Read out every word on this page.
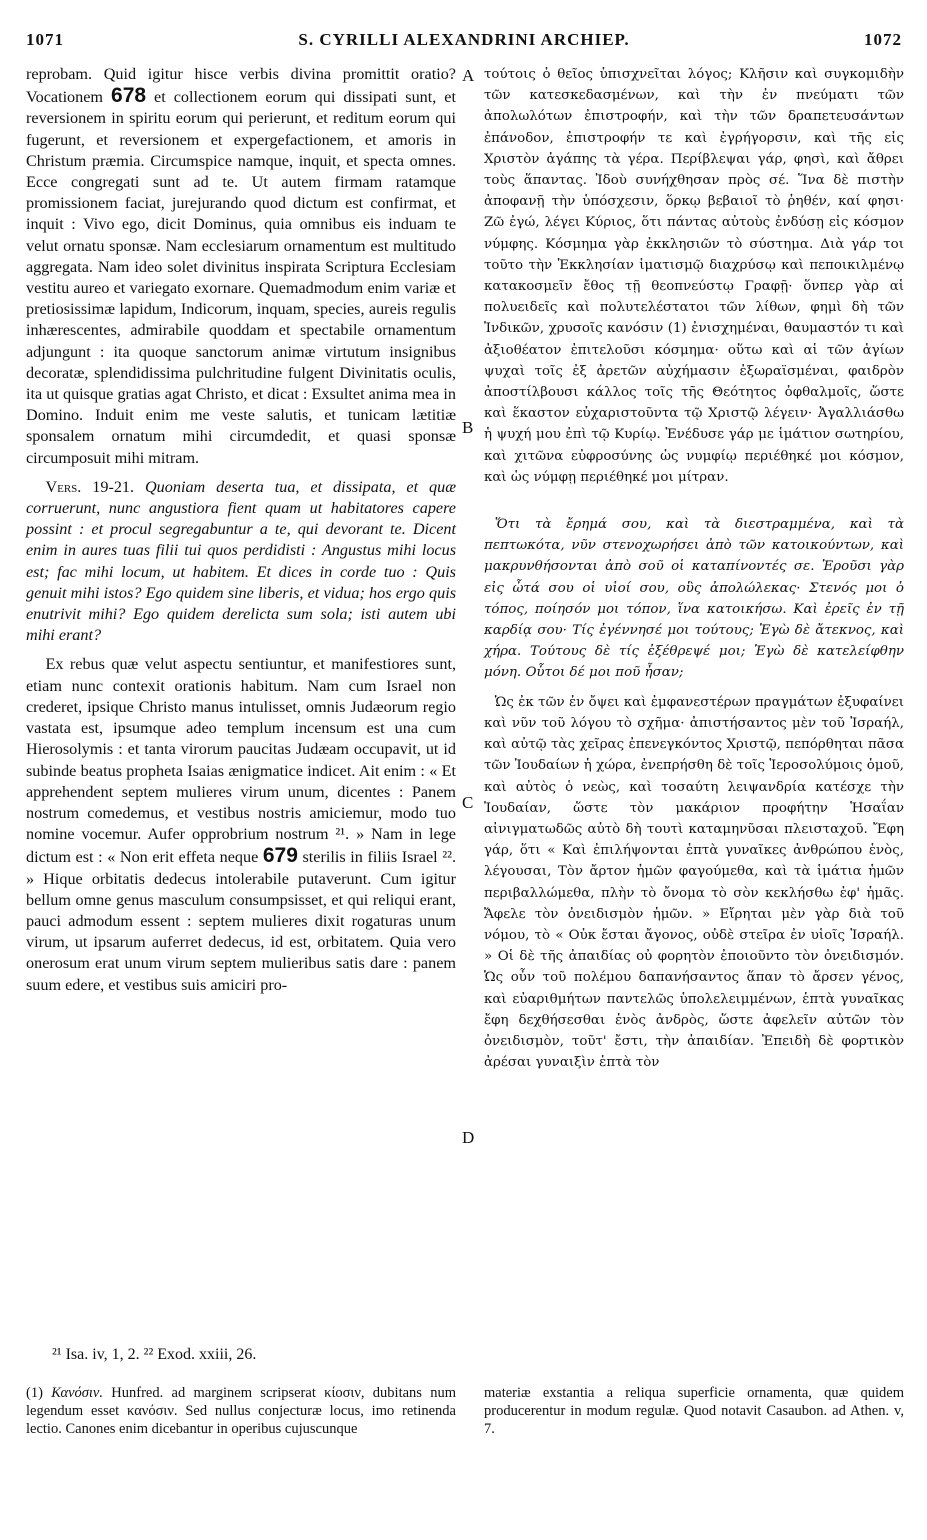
1071	S. CYRILLI ALEXANDRINI ARCHIEP.	1072

reprobam. Quid igitur hisce verbis divina promittit oratio? Vocationem 678 et collectionem eorum qui dissipati sunt, et reversionem in spiritu eorum qui perierunt, et reditum eorum qui fugerunt, et reversionem et expergefactionem, et amoris in Christum præmia. Circumspice namque, inquit, et specta omnes. Ecce congregati sunt ad te. Ut autem firmam ratamque promissionem faciat, jurejurando quod dictum est confirmat, et inquit : Vivo ego, dicit Dominus, quia omnibus eis induam te velut ornatu sponsæ. Nam ecclesiarum ornamentum est multitudo aggregata. Nam ideo solet divinitus inspirata Scriptura Ecclesiam vestitu aureo et variegato exornare. Quemadmodum enim variæ et pretiosissimæ lapidum, Indicorum, inquam, species, aureis regulis inhærescentes, admirabile quoddam et spectabile ornamentum adjungunt : ita quoque sanctorum animæ virtutum insignibus decoratæ, splendidissima pulchritudine fulgent Divinitatis oculis, ita ut quisque gratias agat Christo, et dicat : Exsultet anima mea in Domino. Induit enim me veste salutis, et tunicam lætitiæ sponsalem ornatum mihi circumdedit, et quasi sponsæ circumposuit mihi mitram.

Vers. 19-21. Quoniam deserta tua, et dissipata, et quæ corruerunt, nunc angustiora fient quam ut habitatores capere possint : et procul segregabuntur a te, qui devorant te. Dicent enim in aures tuas filii tui quos perdidisti : Angustus mihi locus est; fac mihi locum, ut habitem. Et dices in corde tuo : Quis genuit mihi istos? Ego quidem sine liberis, et vidua; hos ergo quis enutrivit mihi? Ego quidem derelicta sum sola; isti autem ubi mihi erant?

Ex rebus quæ velut aspectu sentiuntur, et manifestiores sunt, etiam nunc contexit orationis habitum. Nam cum Israel non crederet, ipsique Christo manus intulisset, omnis Judæorum regio vastata est, ipsumque adeo templum incensum est una cum Hierosolymis : et tanta virorum paucitas Judæam occupavit, ut id subinde beatus propheta Isaias ænigmatice indicet. Ait enim : « Et apprehendent septem mulieres virum unum, dicentes : Panem nostrum comedemus, et vestibus nostris amiciemur, modo tuo nomine vocemur. Aufer opprobrium nostrum ²¹. » Nam in lege dictum est : « Non erit effeta neque 679 sterilis in filiis Israel ²². » Hique orbitatis dedecus intolerabile putaverunt. Cum igitur bellum omne genus masculum consumpsisset, et qui reliqui erant, pauci admodum essent : septem mulieres dixit rogaturas unum virum, ut ipsarum auferret dedecus, id est, orbitatem. Quia vero onerosum erat unum virum septem mulieribus satis dare : panem suum edere, et vestibus suis amiciri pro-

A
B
C
D

τούτοις ὁ θεῖος ὑπισχνεῖται λόγος; Κλῆσιν καὶ συγκομιδὴν τῶν κατεσκεδασμένων, καὶ τὴν ἐν πνεύματι τῶν ἀπολωλότων ἐπιστροφήν, καὶ τὴν τῶν δραπετευσάντων ἐπάνοδον, ἐπιστροφήν τε καὶ ἐγρήγορσιν, καὶ τῆς εἰς Χριστὸν ἀγάπης τὰ γέρα. Περίβλεψαι γάρ, φησὶ, καὶ ἄθρει τοὺς ἅπαντας. Ἰδοὺ συνήχθησαν πρὸς σέ. Ἵνα δὲ πιστὴν ἀποφανῇ τὴν ὑπόσχεσιν, ὅρκῳ βεβαιοῖ τὸ ῥηθέν, καί φησι· Ζῶ ἐγώ, λέγει Κύριος, ὅτι πάντας αὐτοὺς ἐνδύσῃ εἰς κόσμον νύμφης. Κόσμημα γὰρ ἐκκλησιῶν τὸ σύστημα. Διὰ γάρ τοι τοῦτο τὴν Ἐκκλησίαν ἱματισμῷ διαχρύσῳ καὶ πεποικιλμένῳ κατακοσμεῖν ἔθος τῇ θεοπνεύστῳ Γραφῇ· ὅνπερ γὰρ αἱ πολυειδεῖς καὶ πολυτελέστατοι τῶν λίθων, φημὶ δὴ τῶν Ἰνδικῶν, χρυσοῖς κανόσιν (1) ἐνισχημέναι, θαυμαστόν τι καὶ ἀξιοθέατον ἐπιτελοῦσι κόσμημα· οὕτω καὶ αἱ τῶν ἁγίων ψυχαὶ τοῖς ἐξ ἀρετῶν αὐχήμασιν ἐξωραϊσμέναι, φαιδρὸν ἀποστίλβουσι κάλλος τοῖς τῆς Θεότητος ὀφθαλμοῖς, ὥστε καὶ ἕκαστον εὐχαριστοῦντα τῷ Χριστῷ λέγειν· Ἀγαλλιάσθω ἡ ψυχή μου ἐπὶ τῷ Κυρίῳ. Ἐνέδυσε γάρ με ἱμάτιον σωτηρίου, καὶ χιτῶνα εὐφροσύνης ὡς νυμφίῳ περιέθηκέ μοι κόσμον, καὶ ὡς νύμφῃ περιέθηκέ μοι μίτραν.

Ὅτι τὰ ἔρημά σου, καὶ τὰ διεστραμμένα, καὶ τὰ πεπτωκότα, νῦν στενοχωρήσει ἀπὸ τῶν κατοικούντων, καὶ μακρυνθήσονται ἀπὸ σοῦ οἱ καταπίνοντές σε. Ἐροῦσι γὰρ εἰς ὦτά σου οἱ υἱοί σου, οὓς ἀπολώλεκας· Στενός μοι ὁ τόπος, ποίησόν μοι τόπον, ἵνα κατοικήσω. Καὶ ἐρεῖς ἐν τῇ καρδίᾳ σου· Τίς ἐγέννησέ μοι τούτους; Ἐγὼ δὲ ἄτεκνος, καὶ χήρα. Τούτους δὲ τίς ἐξέθρεψέ μοι; Ἐγὼ δὲ κατελείφθην μόνη. Οὗτοι δέ μοι ποῦ ἦσαν;

Ὡς ἐκ τῶν ἐν ὄψει καὶ ἐμφανεστέρων πραγμάτων ἐξυφαίνει καὶ νῦν τοῦ λόγου τὸ σχῆμα· ἀπιστήσαντος μὲν τοῦ Ἰσραήλ, καὶ αὐτῷ τὰς χεῖρας ἐπενεγκόντος Χριστῷ, πεπόρθηται πᾶσα τῶν Ἰουδαίων ἡ χώρα, ἐνεπρήσθη δὲ τοῖς Ἱεροσολύμοις ὁμοῦ, καὶ αὐτὸς ὁ νεὼς, καὶ τοσαύτη λειψανδρία κατέσχε τὴν Ἰουδαίαν, ὥστε τὸν μακάριον προφήτην Ἡσαΐαν αἰνιγματωδῶς αὐτὸ δὴ τουτὶ καταμηνῦσαι πλεισταχοῦ. Ἔφη γάρ, ὅτι « Καὶ ἐπιλήψονται ἑπτὰ γυναῖκες ἀνθρώπου ἑνὸς, λέγουσαι, Τὸν ἄρτον ἡμῶν φαγούμεθα, καὶ τὰ ἱμάτια ἡμῶν περιβαλλώμεθα, πλὴν τὸ ὄνομα τὸ σὸν κεκλήσθω ἐφ' ἡμᾶς. Ἄφελε τὸν ὀνειδισμὸν ἡμῶν. » Εἴρηται μὲν γὰρ διὰ τοῦ νόμου, τὸ « Οὐκ ἔσται ἄγονος, οὐδὲ στεῖρα ἐν υἱοῖς Ἰσραήλ. » Οἱ δὲ τῆς ἀπαιδίας οὐ φορητὸν ἐποιοῦντο τὸν ὀνειδισμόν. Ὡς οὖν τοῦ πολέμου δαπανήσαντος ἅπαν τὸ ἄρσεν γένος, καὶ εὐαριθμήτων παντελῶς ὑπολελειμμένων, ἑπτὰ γυναῖκας ἔφη δεχθήσεσθαι ἑνὸς ἀνδρὸς, ὥστε ἀφελεῖν αὐτῶν τὸν ὀνειδισμὸν, τοῦτ' ἔστι, τὴν ἀπαιδίαν. Ἐπειδὴ δὲ φορτικὸν ἀρέσαι γυναιξὶν ἑπτὰ τὸν

²¹ Isa. iv, 1, 2. ²² Exod. xxiii, 26.

(1) Κανόσιν. Hunfred. ad marginem scripserat κίοσιν, dubitans num legendum esset κανόσιν. Sed nullus conjecturæ locus, imo retinenda lectio. Canones enim dicebantur in operibus cujuscunque

materiæ exstantia a reliqua superficie ornamenta, quæ quidem producerentur in modum regulæ. Quod notavit Casaubon. ad Athen. v, 7.
